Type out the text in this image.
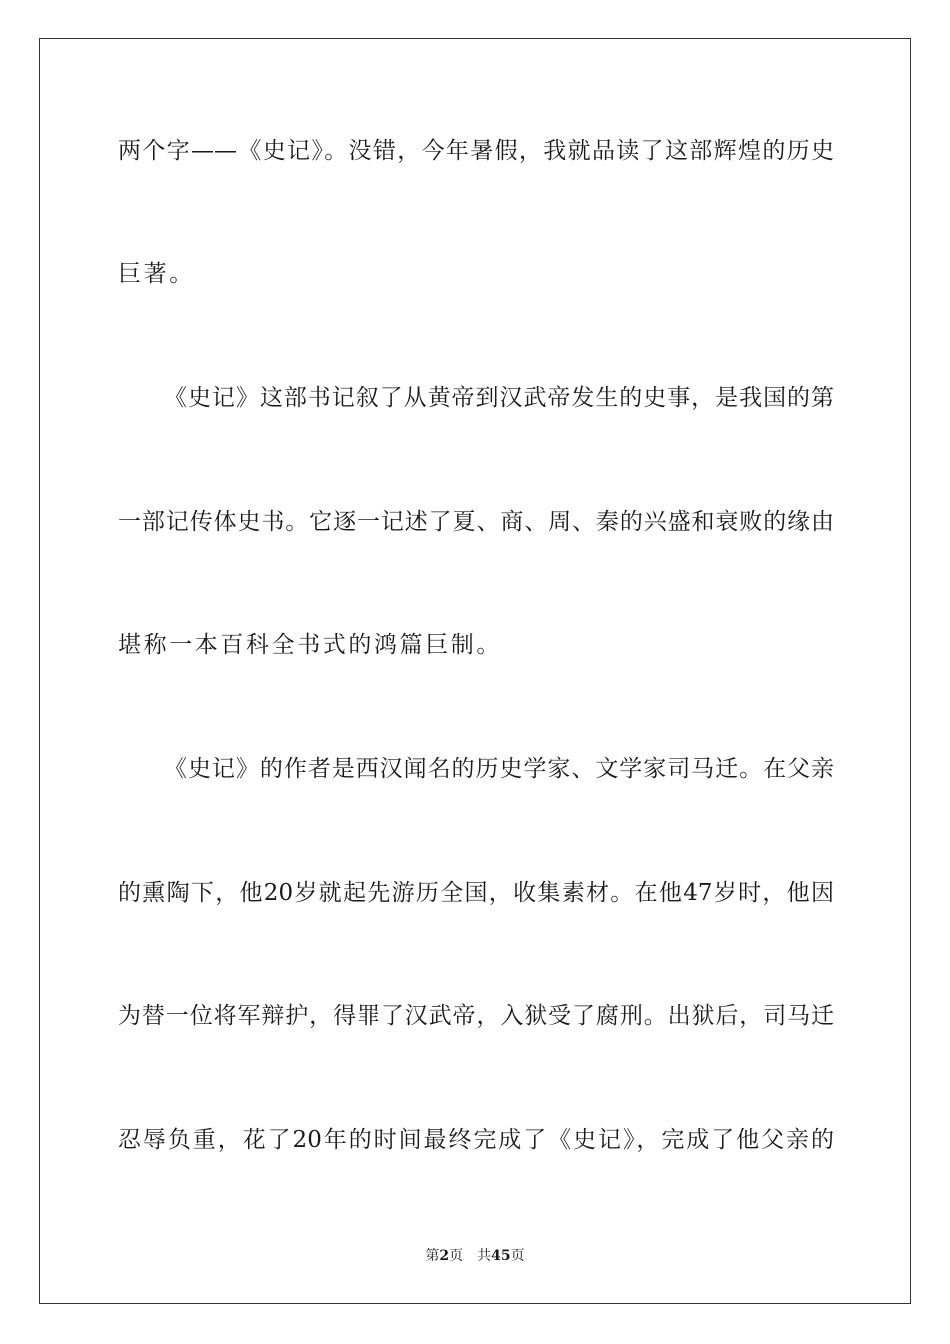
两个字——《史记》。没错，今年暑假，我就品读了这部辉煌的历史

巨著。

《史记》这部书记叙了从黄帝到汉武帝发生的史事，是我国的第

一部记传体史书。它逐一记述了夏、商、周、秦的兴盛和衰败的缘由

堪称一本百科全书式的鸿篇巨制。

《史记》的作者是西汉闻名的历史学家、文学家司马迁。在父亲

的熏陶下，他20岁就起先游历全国，收集素材。在他47岁时，他因

为替一位将军辩护，得罪了汉武帝，入狱受了腐刑。出狱后，司马迁

忍辱负重，花了20年的时间最终完成了《史记》，完成了他父亲的

第2页 共45页
